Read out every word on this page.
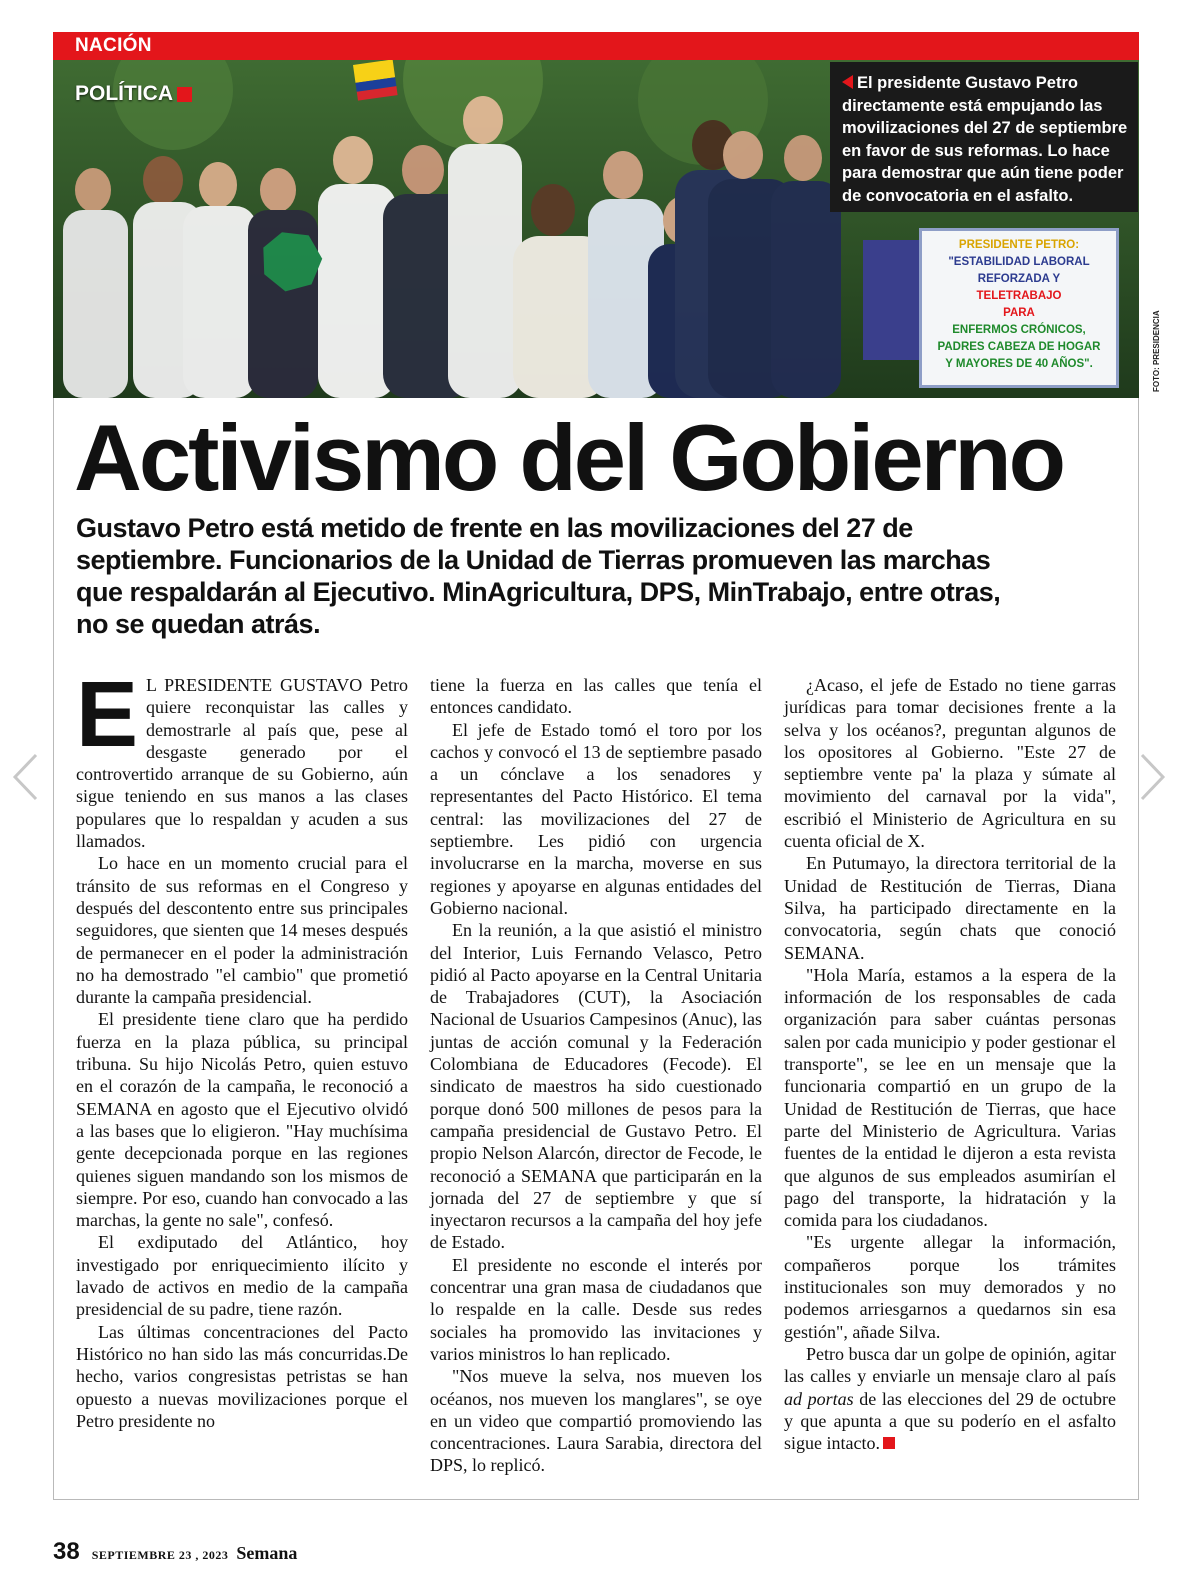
NACIÓN
POLÍTICA	El presidente Gustavo Petro directamente está empujando las movilizaciones del 27 de septiembre en favor de sus reformas. Lo hace para demostrar que aún tiene poder de convocatoria en el asfalto.
PRESIDENTE PETRO:
"ESTABILIDAD LABORAL
REFORZADA Y
TELETRABAJO
PARA
ENFERMOS CRÓNICOS,
PADRES CABEZA DE HOGAR
Y MAYORES DE 40 AÑOS".	FOTO: PRESIDENCIA
Activismo del Gobierno

Gustavo Petro está metido de frente en las movilizaciones del 27 de septiembre. Funcionarios de la Unidad de Tierras promueven las marchas que respaldarán al Ejecutivo. MinAgricultura, DPS, MinTrabajo, entre otras, no se quedan atrás.

E L PRESIDENTE GUSTAVO Petro quiere reconquistar las calles y demostrarle al país que, pese al desgaste generado por el controvertido arranque de su Gobierno, aún sigue teniendo en sus manos a las clases populares que lo respaldan y acuden a sus llamados.

Lo hace en un momento crucial para el tránsito de sus reformas en el Congreso y después del descontento entre sus principales seguidores, que sienten que 14 meses después de permanecer en el poder la administración no ha demostrado "el cambio" que prometió durante la campaña presidencial.

El presidente tiene claro que ha perdido fuerza en la plaza pública, su principal tribuna. Su hijo Nicolás Petro, quien estuvo en el corazón de la campaña, le reconoció a SEMANA en agosto que el Ejecutivo olvidó a las bases que lo eligieron. "Hay muchísima gente decepcionada porque en las regiones quienes siguen mandando son los mismos de siempre. Por eso, cuando han convocado a las marchas, la gente no sale", confesó.

El exdiputado del Atlántico, hoy investigado por enriquecimiento ilícito y lavado de activos en medio de la campaña presidencial de su padre, tiene razón.

Las últimas concentraciones del Pacto Histórico no han sido las más concurridas.De hecho, varios congresistas petristas se han opuesto a nuevas movilizaciones porque el Petro presidente no

tiene la fuerza en las calles que tenía el entonces candidato.

El jefe de Estado tomó el toro por los cachos y convocó el 13 de septiembre pasado a un cónclave a los senadores y representantes del Pacto Histórico. El tema central: las movilizaciones del 27 de septiembre. Les pidió con urgencia involucrarse en la marcha, moverse en sus regiones y apoyarse en algunas entidades del Gobierno nacional.

En la reunión, a la que asistió el ministro del Interior, Luis Fernando Velasco, Petro pidió al Pacto apoyarse en la Central Unitaria de Trabajadores (CUT), la Asociación Nacional de Usuarios Campesinos (Anuc), las juntas de acción comunal y la Federación Colombiana de Educadores (Fecode). El sindicato de maestros ha sido cuestionado porque donó 500 millones de pesos para la campaña presidencial de Gustavo Petro. El propio Nelson Alarcón, director de Fecode, le reconoció a SEMANA que participarán en la jornada del 27 de septiembre y que sí inyectaron recursos a la campaña del hoy jefe de Estado.

El presidente no esconde el interés por concentrar una gran masa de ciudadanos que lo respalde en la calle. Desde sus redes sociales ha promovido las invitaciones y varios ministros lo han replicado.

"Nos mueve la selva, nos mueven los océanos, nos mueven los manglares", se oye en un video que compartió promoviendo las concentraciones. Laura Sarabia, directora del DPS, lo replicó.

¿Acaso, el jefe de Estado no tiene garras jurídicas para tomar decisiones frente a la selva y los océanos?, preguntan algunos de los opositores al Gobierno. "Este 27 de septiembre vente pa' la plaza y súmate al movimiento del carnaval por la vida", escribió el Ministerio de Agricultura en su cuenta oficial de X.

En Putumayo, la directora territorial de la Unidad de Restitución de Tierras, Diana Silva, ha participado directamente en la convocatoria, según chats que conoció SEMANA.

"Hola María, estamos a la espera de la información de los responsables de cada organización para saber cuántas personas salen por cada municipio y poder gestionar el transporte", se lee en un mensaje que la funcionaria compartió en un grupo de la Unidad de Restitución de Tierras, que hace parte del Ministerio de Agricultura. Varias fuentes de la entidad le dijeron a esta revista que algunos de sus empleados asumirían el pago del transporte, la hidratación y la comida para los ciudadanos.

"Es urgente allegar la información, compañeros porque los trámites institucionales son muy demorados y no podemos arriesgarnos a quedarnos sin esa gestión", añade Silva.

Petro busca dar un golpe de opinión, agitar las calles y enviarle un mensaje claro al país ad portas de las elecciones del 29 de octubre y que apunta a que su poderío en el asfalto sigue intacto.

38 SEPTIEMBRE 23 , 2023 Semana
